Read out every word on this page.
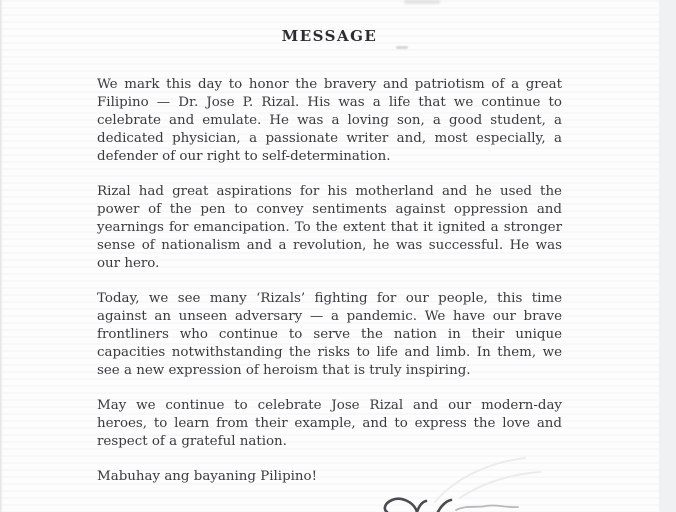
MESSAGE

We mark this day to honor the bravery and patriotism of a great Filipino — Dr. Jose P. Rizal. His was a life that we continue to celebrate and emulate. He was a loving son, a good student, a dedicated physician, a passionate writer and, most especially, a defender of our right to self-determination.

Rizal had great aspirations for his motherland and he used the power of the pen to convey sentiments against oppression and yearnings for emancipation. To the extent that it ignited a stronger sense of nationalism and a revolution, he was successful. He was our hero.

Today, we see many ‘Rizals’ fighting for our people, this time against an unseen adversary — a pandemic. We have our brave frontliners who continue to serve the nation in their unique capacities notwithstanding the risks to life and limb. In them, we see a new expression of heroism that is truly inspiring.

May we continue to celebrate Jose Rizal and our modern-day heroes, to learn from their example, and to express the love and respect of a grateful nation.

Mabuhay ang bayaning Pilipino!
